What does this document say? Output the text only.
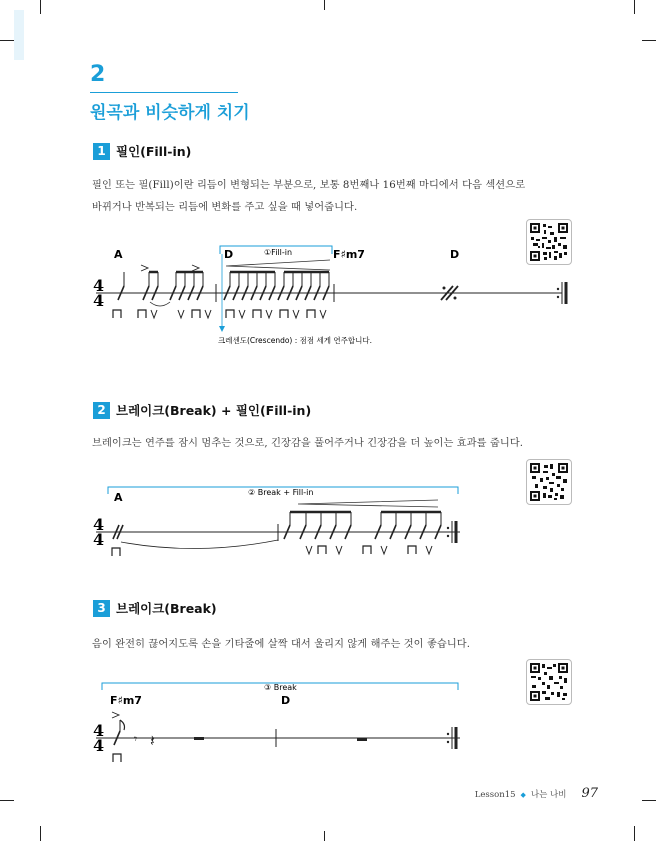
2
원곡과 비슷하게 치기
1 필인(Fill-in)
필인 또는 필(Fill)이란 리듬이 변형되는 부분으로, 보통 8번째나 16번째 마디에서 다음 섹션으로
바뀌거나 반복되는 리듬에 변화를 주고 싶을 때 넣어줍니다.
A	D	F♯m7	D
①Fill-in
4
4
크레센도(Crescendo) : 점점 세게 연주합니다.
2 브레이크(Break) + 필인(Fill-in)
브레이크는 연주를 잠시 멈추는 것으로, 긴장감을 풀어주거나 긴장감을 더 높이는 효과를 줍니다.
② Break + Fill-in
A
4
4
3 브레이크(Break)
음이 완전히 끊어지도록 손을 기타줄에 살짝 대서 울리지 않게 해주는 것이 좋습니다.
③ Break
F♯m7	D
4
4 𝄾 𝄽
Lesson15 ◆ 나는 나비 97
